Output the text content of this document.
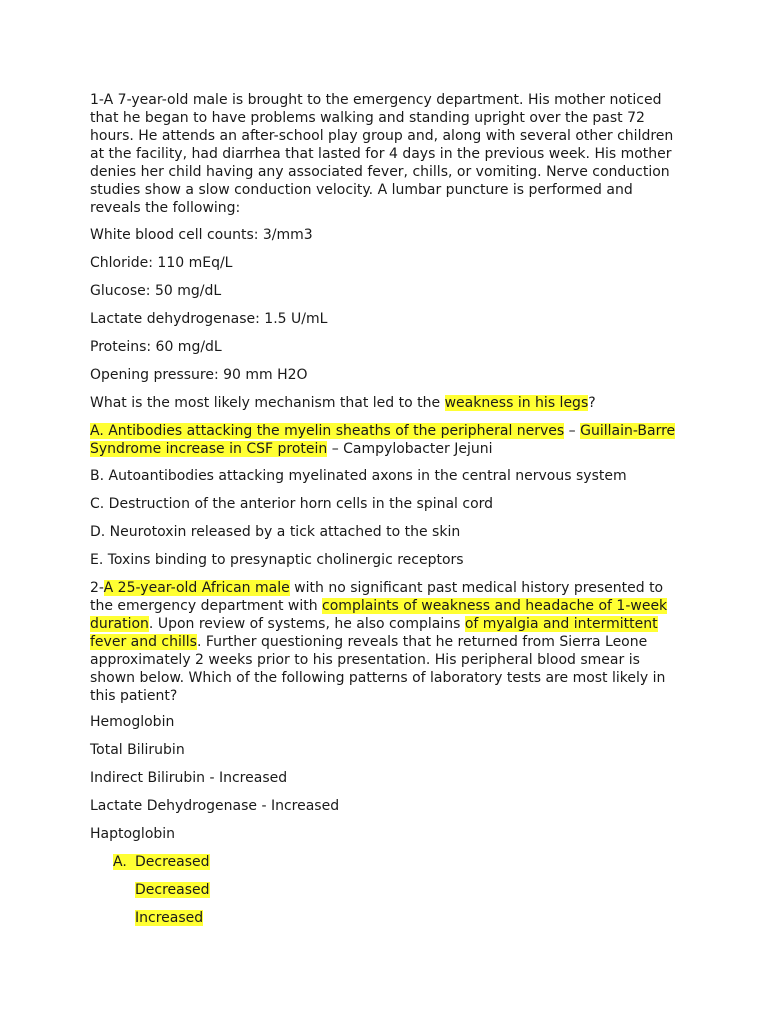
1-A 7-year-old male is brought to the emergency department. His mother noticed

that he began to have problems walking and standing upright over the past 72

hours. He attends an after-school play group and, along with several other children

at the facility, had diarrhea that lasted for 4 days in the previous week. His mother

denies her child having any associated fever, chills, or vomiting. Nerve conduction

studies show a slow conduction velocity. A lumbar puncture is performed and

reveals the following:

White blood cell counts: 3/mm3

Chloride: 110 mEq/L

Glucose: 50 mg/dL

Lactate dehydrogenase: 1.5 U/mL

Proteins: 60 mg/dL

Opening pressure: 90 mm H2O

What is the most likely mechanism that led to the weakness in his legs?

A. Antibodies attacking the myelin sheaths of the peripheral nerves – Guillain-Barre

Syndrome increase in CSF protein – Campylobacter Jejuni

B. Autoantibodies attacking myelinated axons in the central nervous system

C. Destruction of the anterior horn cells in the spinal cord

D. Neurotoxin released by a tick attached to the skin

E. Toxins binding to presynaptic cholinergic receptors

2-A 25-year-old African male with no significant past medical history presented to

the emergency department with complaints of weakness and headache of 1-week

duration. Upon review of systems, he also complains of myalgia and intermittent

fever and chills. Further questioning reveals that he returned from Sierra Leone

approximately 2 weeks prior to his presentation. His peripheral blood smear is

shown below. Which of the following patterns of laboratory tests are most likely in

this patient?

Hemoglobin

Total Bilirubin

Indirect Bilirubin - Increased

Lactate Dehydrogenase - Increased

Haptoglobin

A. Decreased

Decreased

Increased
